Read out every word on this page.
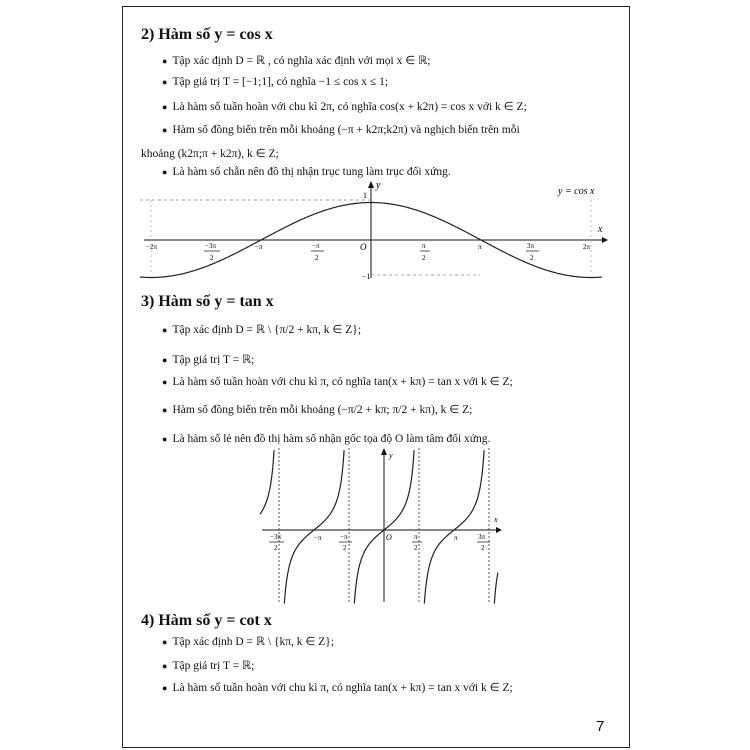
2) Hàm số y = cos x
● Tập xác định D = ℝ , có nghĩa xác định với mọi x ∈ ℝ;
● Tập giá trị T = [−1;1], có nghĩa −1 ≤ cos x ≤ 1;
● Là hàm số tuần hoàn với chu kì 2π, có nghĩa cos(x + k2π) = cos x với k ∈ Z;
● Hàm số đồng biến trên mỗi khoảng (−π + k2π;k2π) và nghịch biến trên mỗi
khoảng (k2π;π + k2π), k ∈ Z;
● Là hàm số chẵn nên đồ thị nhận trục tung làm trục đối xứng.
y = cos x
x
y
O
1
−1
−2π	−π	π	2π
−3π
2
−π
2
π
2
3π
2
3) Hàm số y = tan x
● Tập xác định D = ℝ \ {π/2 + kπ, k ∈ Z};
● Tập giá trị T = ℝ;
● Là hàm số tuần hoàn với chu kì π, có nghĩa tan(x + kπ) = tan x với k ∈ Z;
● Hàm số đồng biến trên mỗi khoảng (−π/2 + kπ; π/2 + kπ), k ∈ Z;
● Là hàm số lẻ nên đồ thị hàm số nhận gốc tọa độ O làm tâm đối xứng.
x
y
O
−π	π
−3π
2
−π
2
π
2
3π
2
4) Hàm số y = cot x
● Tập xác định D = ℝ \ {kπ, k ∈ Z};
● Tập giá trị T = ℝ;
● Là hàm số tuần hoàn với chu kì π, có nghĩa tan(x + kπ) = tan x với k ∈ Z;
7
